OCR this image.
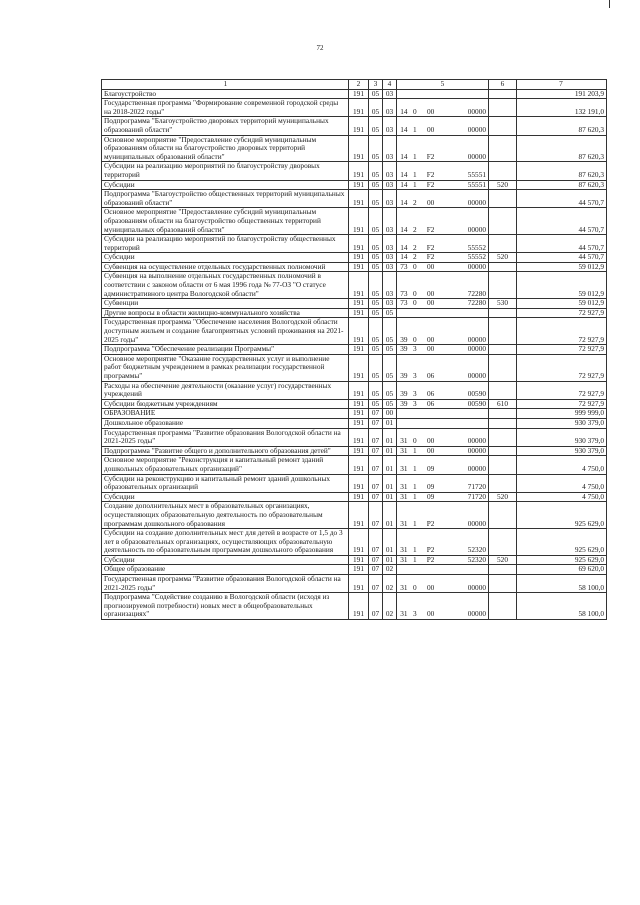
72
1	2	3	4	5	6	7
Благоустройство	191	05 03	191 203,9
Государственная программа "Формирование современной городской среды на 2018-2022 годы"	191	05 03 14 0	00	00000	132 191,0
Подпрограмма "Благоустройство дворовых территорий муниципальных образований области"	191	05 03 14 1	00	00000	87 620,3
Основное мероприятие "Предоставление субсидий муниципальным образованиям области на благоустройство дворовых территорий муниципальных образований области"	191	05 03 14 1	F2	00000	87 620,3
Субсидии на реализацию мероприятий по благоустройству дворовых территорий	191	05 03 14 1	F2	55551	87 620,3
Субсидии	191	05 03 14 1	F2	55551	520	87 620,3
Подпрограмма "Благоустройство общественных территорий муниципальных образований области"	191	05 03 14 2	00	00000	44 570,7
Основное мероприятие "Предоставление субсидий муниципальным образованиям области на благоустройство общественных территорий муниципальных образований области"	191	05 03 14 2	F2	00000	44 570,7
Субсидии на реализацию мероприятий по благоустройству общественных территорий	191	05 03 14 2	F2	55552	44 570,7
Субсидии	191	05 03 14 2	F2	55552	520	44 570,7
Субвенция на осуществление отдельных государственных полномочий	191	05 03 73 0	00	00000	59 012,9
Субвенция на выполнение отдельных государственных полномочий в соответствии с законом области от 6 мая 1996 года № 77-ОЗ "О статусе административного центра Вологодской области"	191	05 03 73 0	00	72280	59 012,9
Субвенции	191	05 03 73 0	00	72280	530	59 012,9
Другие вопросы в области жилищно-коммунального хозяйства	191	05 05	72 927,9
Государственная программа "Обеспечение населения Вологодской области доступным жильем и создание благоприятных условий проживания на 2021-2025 годы"	191	05 05 39 0	00	00000	72 927,9
Подпрограмма "Обеспечение реализации Программы"	191	05 05 39 3	00	00000	72 927,9
Основное мероприятие "Оказание государственных услуг и выполнение работ бюджетным учреждением в рамках реализации государственной программы"	191	05 05 39 3	06	00000	72 927,9
Расходы на обеспечение деятельности (оказание услуг) государственных учреждений	191	05 05 39 3	06	00590	72 927,9
Субсидии бюджетным учреждениям	191	05 05 39 3	06	00590	610	72 927,9
ОБРАЗОВАНИЕ	191	07 00	999 999,0
Дошкольное образование	191	07 01	930 379,0
Государственная программа "Развитие образования Вологодской области на 2021-2025 годы"	191	07 01 31 0	00	00000	930 379,0
Подпрограмма "Развитие общего и дополнительного образования детей"	191	07 01 31 1	00	00000	930 379,0
Основное мероприятие "Реконструкция и капитальный ремонт зданий дошкольных образовательных организаций"	191	07 01 31 1	09	00000	4 750,0
Субсидии на реконструкцию и капитальный ремонт зданий дошкольных образовательных организаций	191	07 01 31 1	09	71720	4 750,0
Субсидии	191	07 01 31 1	09	71720	520	4 750,0
Создание дополнительных мест в образовательных организациях, осуществляющих образовательную деятельность по образовательным программам дошкольного образования	191	07 01 31 1	P2	00000	925 629,0
Субсидии на создание дополнительных мест для детей в возрасте от 1,5 до 3 лет в образовательных организациях, осуществляющих образовательную деятельность по образовательным программам дошкольного образования	191	07 01 31 1	P2	52320	925 629,0
Субсидии	191	07 01 31 1	P2	52320	520	925 629,0
Общее образование	191	07 02	69 620,0
Государственная программа "Развитие образования Вологодской области на 2021-2025 годы"	191	07 02 31 0	00	00000	58 100,0
Подпрограмма "Содействие созданию в Вологодской области (исходя из прогнозируемой потребности) новых мест в общеобразовательных организациях"	191	07 02 31 3	00	00000	58 100,0
